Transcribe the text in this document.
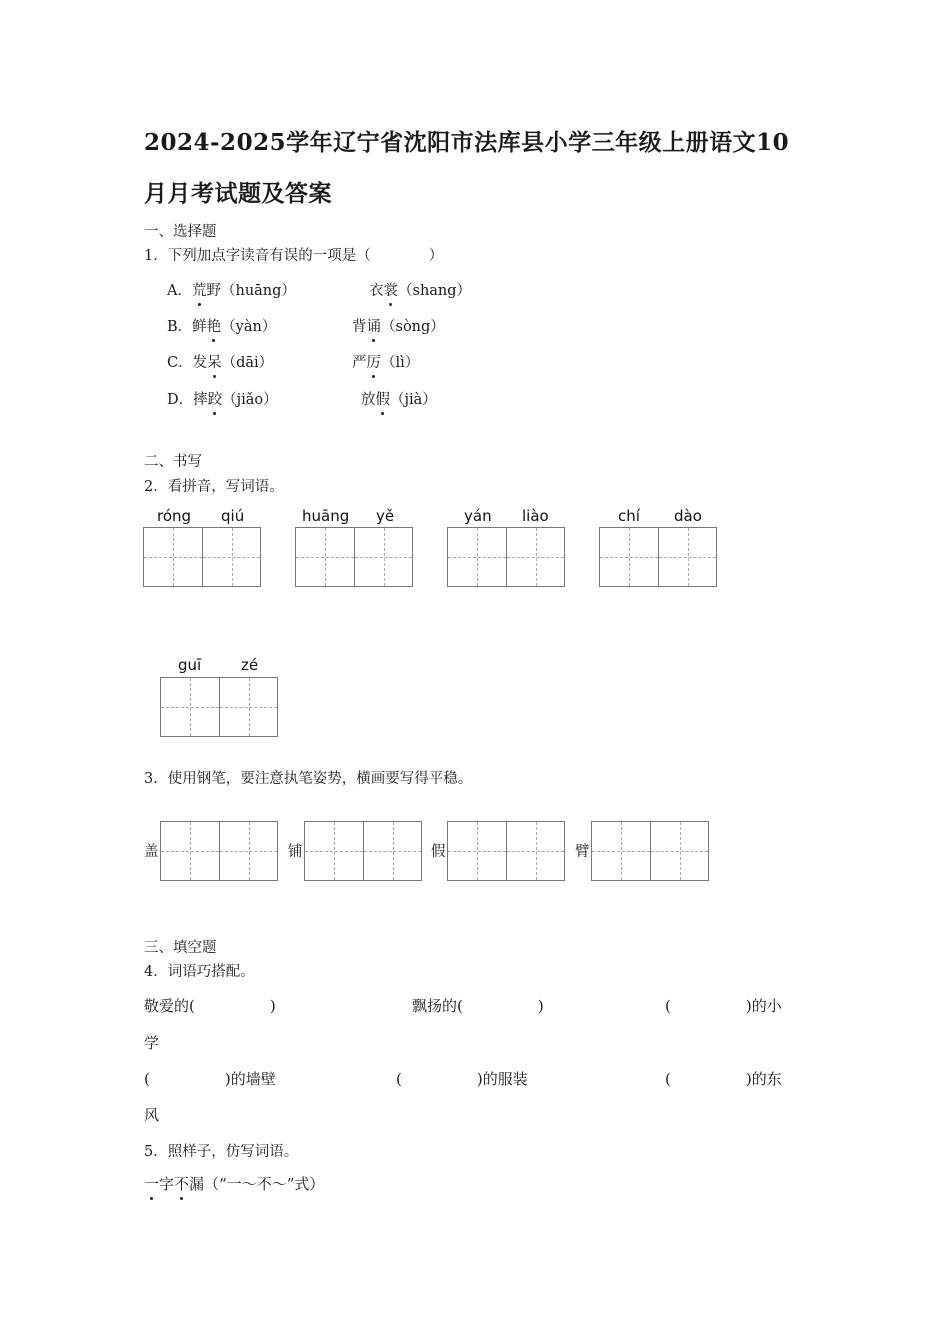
2024-2025学年辽宁省沈阳市法库县小学三年级上册语文10
月月考试题及答案
一、选择题
1．下列加点字读音有误的一项是（　　　　）
A．荒野（huāng）	衣裳（shang）
B．鲜艳（yàn）	背诵（sòng）
C．发呆（dāi）	严厉（lì）
D．摔跤（jiǎo）	放假（jià）
二、书写
2．看拼音，写词语。
róng qiú	huāng yě	yán liào	chí dào
guī	zé
3．使用钢笔，要注意执笔姿势，横画要写得平稳。
盖	铺	假	臂
三、填空题
4．词语巧搭配。
敬爱的(　　　　　)	飘扬的(　　　　　)	(　　　　　)的小
学
(　　　　　)的墙壁	(　　　　　)的服装	(　　　　　)的东
风
5．照样子，仿写词语。
一字不漏（“一～不～”式）
